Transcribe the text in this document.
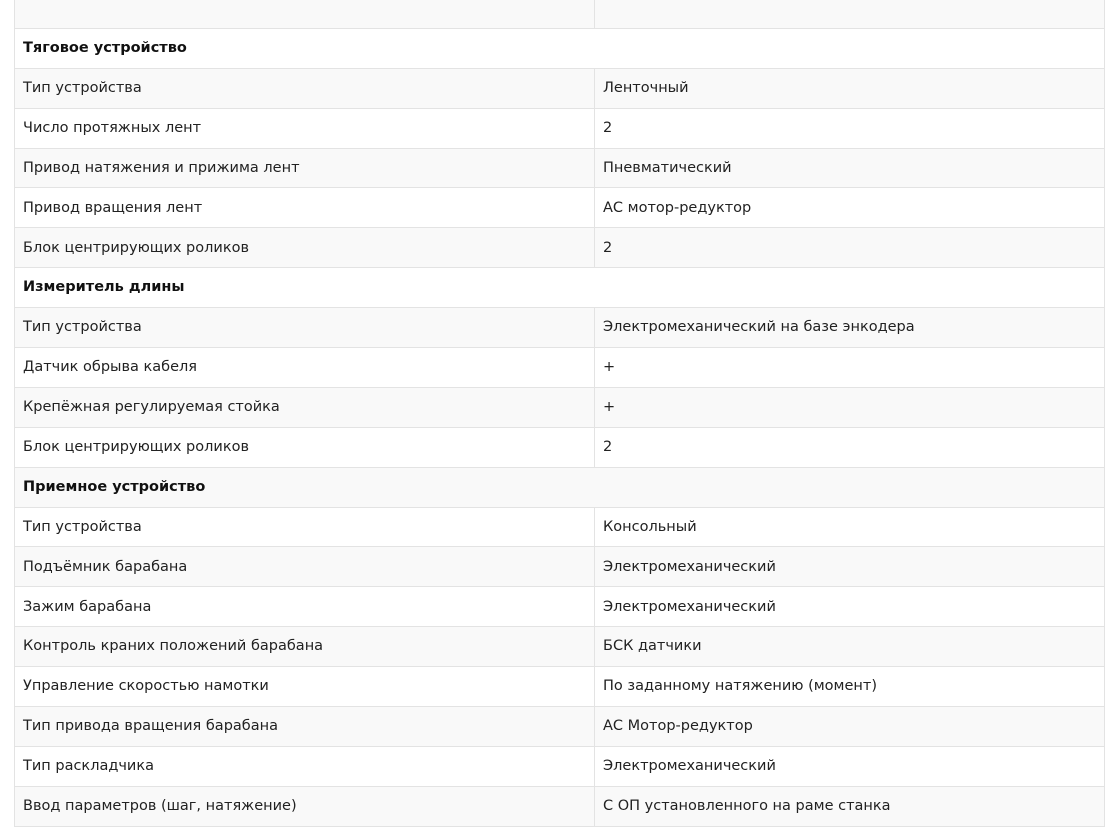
Тяговое устройство	
Тип устройства	Ленточный
Число протяжных лент	2
Привод натяжения и прижима лент	Пневматический
Привод вращения лент	АС мотор-редуктор
Блок центрирующих роликов	2
Измеритель длины	
Тип устройства	Электромеханический на базе энкодера
Датчик обрыва кабеля	+
Крепёжная регулируемая стойка	+
Блок центрирующих роликов	2
Приемное устройство	
Тип устройства	Консольный
Подъёмник барабана	Электромеханический
Зажим барабана	Электромеханический
Контроль краних положений барабана	БСК датчики
Управление скоростью намотки	По заданному натяжению (момент)
Тип привода вращения барабана	АС Мотор-редуктор
Тип раскладчика	Электромеханический
Ввод параметров (шаг, натяжение)	С ОП установленного на раме станка
